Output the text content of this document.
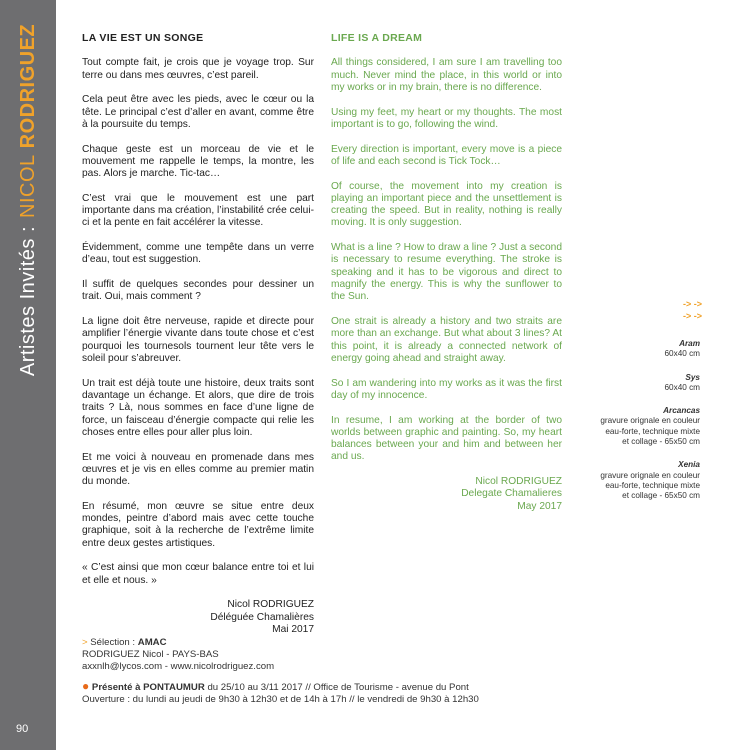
Artistes Invités :NICOLRODRIGUEZ
90
LA VIE EST UN SONGE

Tout compte fait, je crois que je voyage trop. Sur terre ou dans mes œuvres, c’est pareil.

Cela peut être avec les pieds, avec le cœur ou la tête. Le principal c’est d’aller en avant, comme être à la poursuite du temps.

Chaque geste est un morceau de vie et le mouvement me rappelle le temps, la montre, les pas. Alors je marche. Tic-tac…

C’est vrai que le mouvement est une part importante dans ma création, l’instabilité crée celui-ci et la pente en fait accélérer la vitesse.

Évidemment, comme une tempête dans un verre d’eau, tout est suggestion.

Il suffit de quelques secondes pour dessiner un trait. Oui, mais comment ?

La ligne doit être nerveuse, rapide et directe pour amplifier l’énergie vivante dans toute chose et c’est pourquoi les tournesols tournent leur tête vers le soleil pour s’abreuver.

Un trait est déjà toute une histoire, deux traits sont davantage un échange. Et alors, que dire de trois traits ? Là, nous sommes en face d’une ligne de force, un faisceau d’énergie compacte qui relie les choses entre elles pour aller plus loin.

Et me voici à nouveau en promenade dans mes œuvres et je vis en elles comme au premier matin du monde.

En résumé, mon œuvre se situe entre deux mondes, peintre d’abord mais avec cette touche graphique, soit à la recherche de l’extrême limite entre deux gestes artistiques.

« C’est ainsi que mon cœur balance entre toi et lui et elle et nous. »

Nicol RODRIGUEZ
Déléguée Chamalières
Mai 2017
LIFE IS A DREAM

All things considered, I am sure I am travelling too much. Never mind the place, in this world or into my works or in my brain, there is no difference.

Using my feet, my heart or my thoughts. The most important is to go, following the wind.

Every direction is important, every move is a piece of life and each second is Tick Tock…

Of course, the movement into my creation is playing an important piece and the unsettlement is creating the speed. But in reality, nothing is really moving. It is only suggestion.

What is a line ? How to draw a line ? Just a second is necessary to resume everything. The stroke is speaking and it has to be vigorous and direct to magnify the energy. This is why the sunflower to the Sun.

One strait is already a history and two straits are more than an exchange. But what about 3 lines? At this point, it is already a connected network of energy going ahead and straight away.

So I am wandering into my works as it was the first day of my innocence.

In resume, I am working at the border of two worlds between graphic and painting. So, my heart balances between your and him and between her and us.

Nicol RODRIGUEZ
Delegate Chamalieres
May 2017
-> ->
-> ->
Aram
60x40 cm
Sys
60x40 cm
Arcancas
gravure orignale en couleur
eau-forte, technique mixte
et collage - 65x50 cm
Xenia
gravure orignale en couleur
eau-forte, technique mixte
et collage - 65x50 cm
> Sélection : AMAC
RODRIGUEZ Nicol - PAYS-BAS
axxnlh@lycos.com - www.nicolrodriguez.com
● Présenté à PONTAUMUR du 25/10 au 3/11 2017 // Office de Tourisme - avenue du Pont
Ouverture : du lundi au jeudi de 9h30 à 12h30 et de 14h à 17h // le vendredi de 9h30 à 12h30
